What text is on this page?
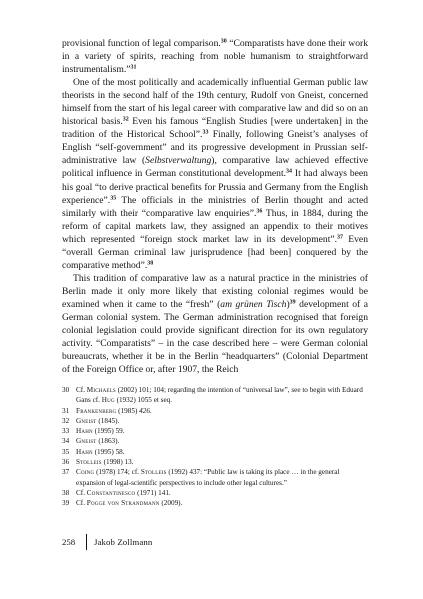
provisional function of legal comparison.$^{30}$ “Comparatists have done their work in a variety of spirits, reaching from noble humanism to straightforward instrumentalism.”$^{31}$

One of the most politically and academically influential German public law theorists in the second half of the 19th century, Rudolf von Gneist, concerned himself from the start of his legal career with comparative law and did so on an historical basis.$^{32}$ Even his famous “English Studies [were undertaken] in the tradition of the Historical School”.$^{33}$ Finally, following Gneist’s analyses of English “self-government” and its progressive development in Prussian self-administrative law (Selbstverwaltung), comparative law achieved effective political influence in German constitutional development.$^{34}$ It had always been his goal “to derive practical benefits for Prussia and Germany from the English experience”.$^{35}$ The officials in the ministries of Berlin thought and acted similarly with their “comparative law enquiries”.$^{36}$ Thus, in 1884, during the reform of capital markets law, they assigned an appendix to their motives which represented “foreign stock market law in its development”.$^{37}$ Even “overall German criminal law jurisprudence [had been] conquered by the comparative method”.$^{38}$

This tradition of comparative law as a natural practice in the ministries of Berlin made it only more likely that existing colonial regimes would be examined when it came to the “fresh” (am grünen Tisch)$^{39}$ development of a German colonial system. The German administration recognised that foreign colonial legislation could provide significant direction for its own regulatory activity. “Comparatists” – in the case described here – were German colonial bureaucrats, whether it be in the Berlin “headquarters” (Colonial Department of the Foreign Office or, after 1907, the Reich

30 Cf. Michaels (2002) 101; 104; regarding the intention of “universal law”, see to begin with Eduard Gans cf. Hug (1932) 1055 et seq.
31 Frankenberg (1985) 426.
32 Gneist (1845).
33 Hahn (1995) 59.
34 Gneist (1863).
35 Hahn (1995) 58.
36 Stolleis (1998) 13.
37 Coing (1978) 174; cf. Stolleis (1992) 437: “Public law is taking its place … in the general expansion of legal-scientific perspectives to include other legal cultures.”
38 Cf. Constantinesco (1971) 141.
39 Cf. Pogge von Strandmann (2009).
258	Jakob Zollmann
